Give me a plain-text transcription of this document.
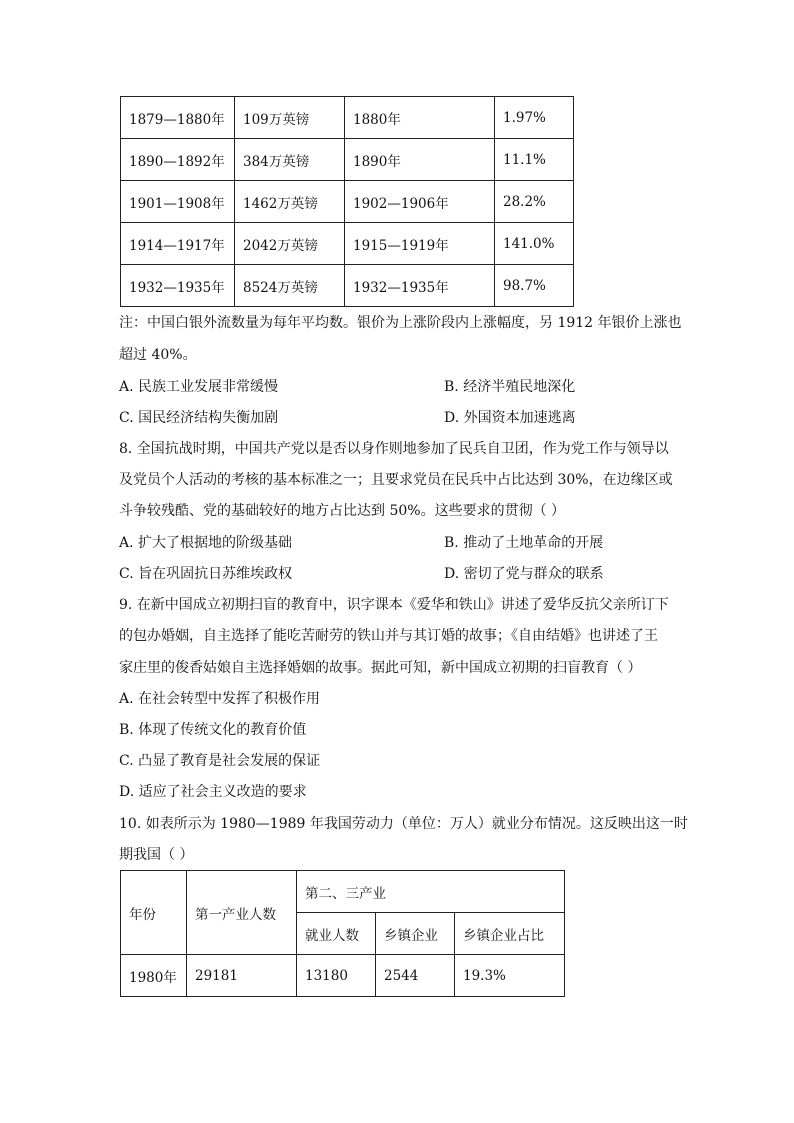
1879—1880年	109万英镑	1880年	1.97%
1890—1892年	384万英镑	1890年	11.1%
1901—1908年	1462万英镑	1902—1906年	28.2%
1914—1917年	2042万英镑	1915—1919年	141.0%
1932—1935年	8524万英镑	1932—1935年	98.7%
注：中国白银外流数量为每年平均数。银价为上涨阶段内上涨幅度，另 1912 年银价上涨也
超过 40%。
A. 民族工业发展非常缓慢	B. 经济半殖民地深化
C. 国民经济结构失衡加剧	D. 外国资本加速逃离
8. 全国抗战时期，中国共产党以是否以身作则地参加了民兵自卫团，作为党工作与领导以
及党员个人活动的考核的基本标准之一；且要求党员在民兵中占比达到 30%，在边缘区或
斗争较残酷、党的基础较好的地方占比达到 50%。这些要求的贯彻（ ）
A. 扩大了根据地的阶级基础	B. 推动了土地革命的开展
C. 旨在巩固抗日苏维埃政权	D. 密切了党与群众的联系
9. 在新中国成立初期扫盲的教育中，识字课本《爱华和铁山》讲述了爱华反抗父亲所订下
的包办婚姻，自主选择了能吃苦耐劳的铁山并与其订婚的故事；《自由结婚》也讲述了王
家庄里的俊香姑娘自主选择婚姻的故事。据此可知，新中国成立初期的扫盲教育（ ）
A. 在社会转型中发挥了积极作用
B. 体现了传统文化的教育价值
C. 凸显了教育是社会发展的保证
D. 适应了社会主义改造的要求
10. 如表所示为 1980—1989 年我国劳动力（单位：万人）就业分布情况。这反映出这一时
期我国（ ）
年份	第一产业人数	第二、三产业		
		就业人数	乡镇企业	乡镇企业占比
1980年	29181	13180	2544	19.3%
